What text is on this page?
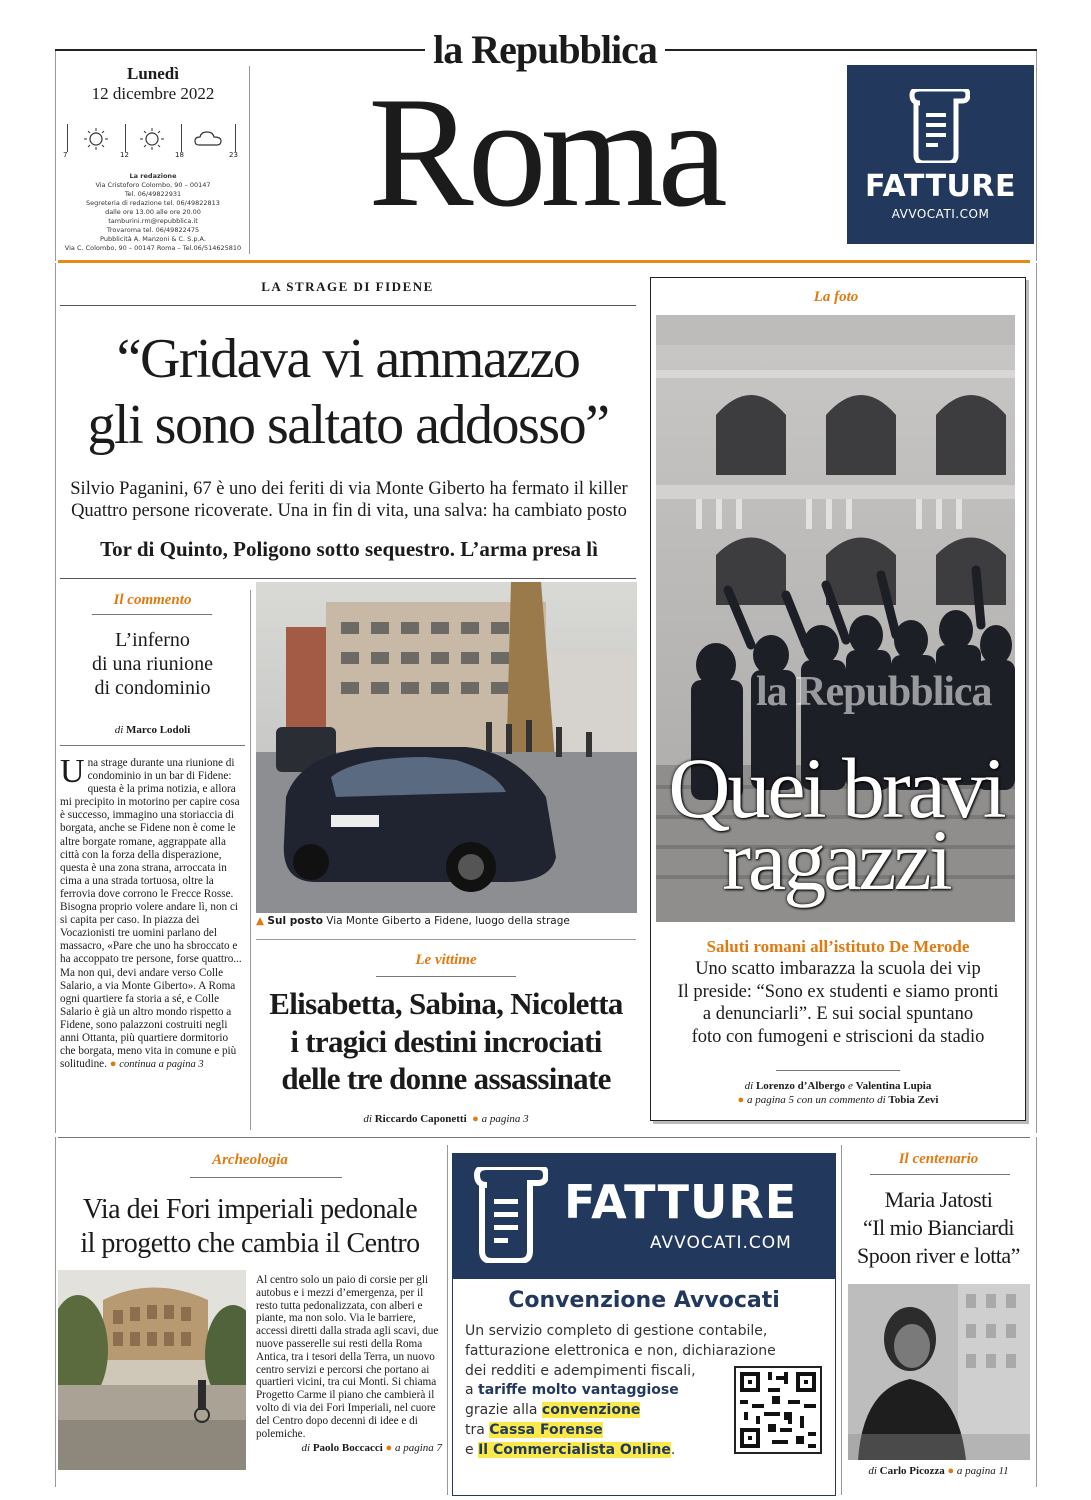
la Repubblica
Lunedì
12 dicembre 2022
7	12	18	23
La redazione
Via Cristoforo Colombo, 90 – 00147
Tel. 06/49822931
Segreteria di redazione tel. 06/49822813
dalle ore 13.00 alle ore 20.00
tamburini.rm@repubblica.it
Trovaroma tel. 06/49822475
Pubblicità A. Manzoni & C. S.p.A.
Via C. Colombo, 90 – 00147 Roma – Tel.06/514625810
Roma	FATTURE
AVVOCATI.COM
LA STRAGE DI FIDENE
“Gridava vi ammazzo
gli sono saltato addosso”
Silvio Paganini, 67 è uno dei feriti di via Monte Giberto ha fermato il killer
Quattro persone ricoverate. Una in fin di vita, una salva: ha cambiato posto
Tor di Quinto, Poligono sotto sequestro. L’arma presa lì
Il commento
L’inferno
di una riunione
di condominio
di Marco Lodoli
Una strage durante una riunione di condominio in un bar di Fidene: questa è la prima notizia, e allora mi precipito in motorino per capire cosa è successo, immagino una storiaccia di borgata, anche se Fidene non è come le altre borgate romane, aggrappate alla città con la forza della disperazione, questa è una zona strana, arroccata in cima a una strada tortuosa, oltre la ferrovia dove corrono le Frecce Rosse. Bisogna proprio volere andare lì, non ci si capita per caso. In piazza dei Vocazionisti tre uomini parlano del massacro, «Pare che uno ha sbroccato e ha accoppato tre persone, forse quattro... Ma non qui, devi andare verso Colle Salario, a via Monte Giberto». A Roma ogni quartiere fa storia a sé, e Colle Salario è già un altro mondo rispetto a Fidene, sono palazzoni costruiti negli anni Ottanta, più quartiere dormitorio che borgata, meno vita in comune e più solitudine. ● continua a pagina 3
▲ Sul posto Via Monte Giberto a Fidene, luogo della strage
Le vittime
Elisabetta, Sabina, Nicoletta
i tragici destini incrociati
delle tre donne assassinate
di Riccardo Caponetti ● a pagina 3
La foto
la Repubblica
Quei bravi
ragazzi
Saluti romani all’istituto De Merode
Uno scatto imbarazza la scuola dei vip
Il preside: “Sono ex studenti e siamo pronti
a denunciarli”. E sui social spuntano
foto con fumogeni e striscioni da stadio
di Lorenzo d’Albergo e Valentina Lupia
● a pagina 5 con un commento di Tobia Zevi
Archeologia
Via dei Fori imperiali pedonale
il progetto che cambia il Centro
Al centro solo un paio di corsie per gli autobus e i mezzi d’emergenza, per il resto tutta pedonalizzata, con alberi e piante, ma non solo. Via le barriere, accessi diretti dalla strada agli scavi, due nuove passerelle sui resti della Roma Antica, tra i tesori della Terra, un nuovo centro servizi e percorsi che portano ai quartieri vicini, tra cui Monti. Si chiama Progetto Carme il piano che cambierà il volto di via dei Fori Imperiali, nel cuore del Centro dopo decenni di idee e di polemiche.
di Paolo Boccacci ● a pagina 7
FATTURE
AVVOCATI.COM
Convenzione Avvocati
Un servizio completo di gestione contabile,
fatturazione elettronica e non, dichiarazione
dei redditi e adempimenti fiscali,
a tariffe molto vantaggiose
grazie alla convenzione
tra Cassa Forense
e Il Commercialista Online.
Il centenario
Maria Jatosti
“Il mio Bianciardi
Spoon river e lotta”
di Carlo Picozza ● a pagina 11
